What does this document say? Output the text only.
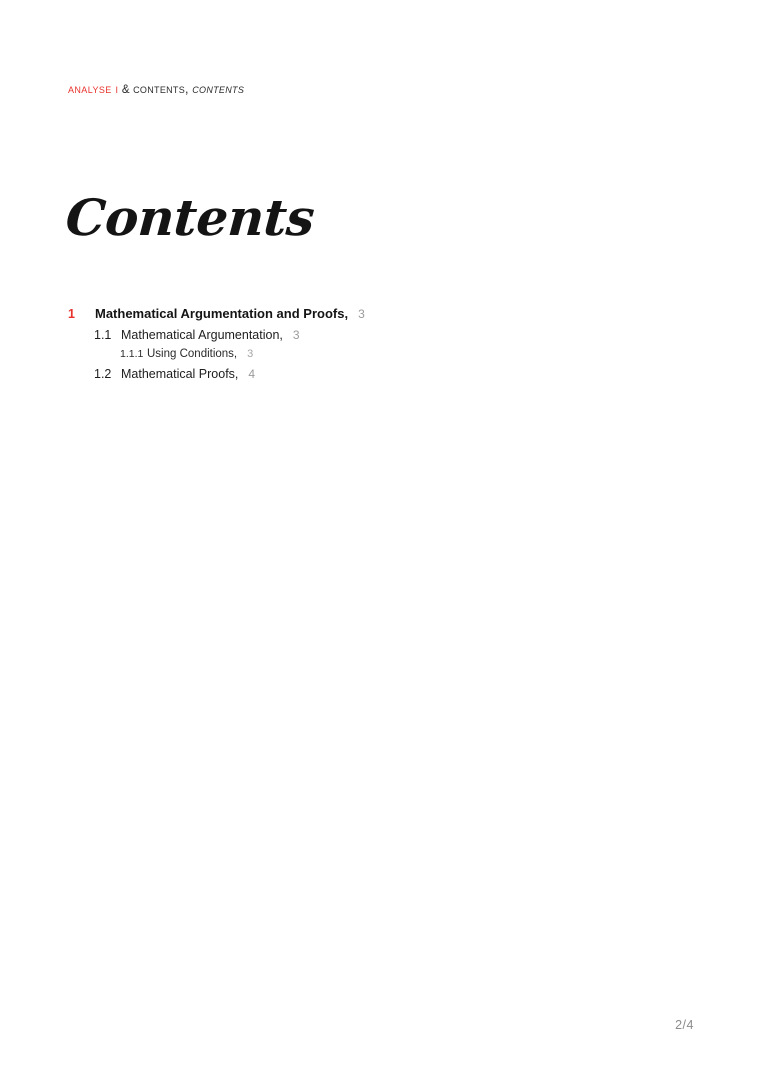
analyse i & contents, contents
Contents
1	Mathematical Argumentation and Proofs, 3
1.1 Mathematical Argumentation, 3
1.1.1 Using Conditions, 3
1.2 Mathematical Proofs, 4
2/4
